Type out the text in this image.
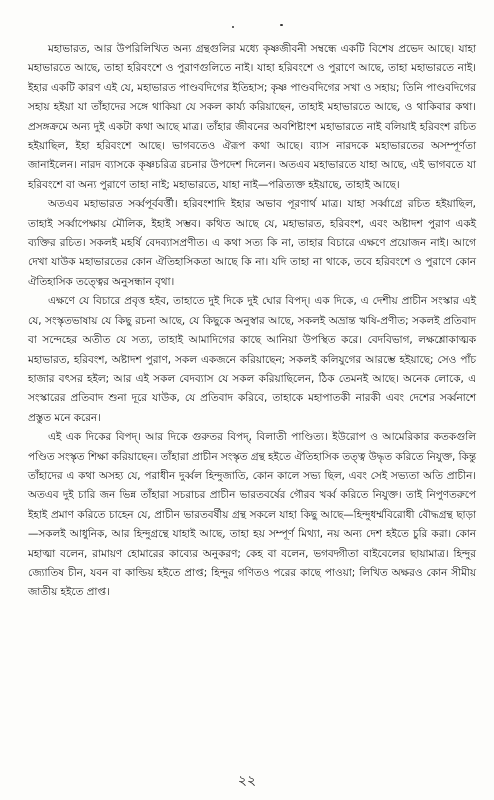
মহাভারত, আর উপরিলিখিত অন্য গ্রন্থগুলির মধ্যে কৃষ্ণজীবনী সম্বন্ধে একটি বিশেষ প্রভেদ আছে। যাহা মহাভারতে আছে, তাহা হরিবংশে ও পুরাণগুলিতে নাই। যাহা হরিবংশে ও পুরাণে আছে, তাহা মহাভারতে নাই। ইহার একটি কারণ এই যে, মহাভারত পাণ্ডবদিগের ইতিহাস; কৃষ্ণ পাণ্ডবদিগের সখা ও সহায়; তিনি পাণ্ডবদিগের সহায় হইয়া যা তাঁহাদের সঙ্গে থাকিয়া যে সকল কার্য্য করিয়াছেন, তাহাই মহাভারতে আছে, ও থাকিবার কথা। প্রসঙ্গক্রমে অন্য দুই একটা কথা আছে মাত্র। তাঁহার জীবনের অবশিষ্টাংশ মহাভারতে নাই বলিয়াই হরিবংশ রচিত হইয়াছিল, ইহা হরিবংশে আছে। ভাগবতেও ঐরূপ কথা আছে। ব্যাস নারদকে মহাভারতের অসম্পূর্ণতা জানাইলেন। নারদ ব্যাসকে কৃষ্ণচরিত্র রচনার উপদেশ দিলেন। অতএব মহাভারতে যাহা আছে, এই ভাগবতে যা হরিবংশে বা অন্য পুরাণে তাহা নাই; মহাভারতে, যাহা নাই—পরিত্যক্ত হইয়াছে, তাহাই আছে।

অতএব মহাভারত সর্ব্বপূর্ববর্ত্তী। হরিবংশাদি ইহার অভাব পূরণার্থ মাত্র। যাহা সর্ব্বাগ্রে রচিত হইয়াছিল, তাহাই সর্ব্বাপেক্ষায় মৌলিক, ইহাই সম্ভব। কথিত আছে যে, মহাভারত, হরিবংশ, এবং অষ্টাদশ পুরাণ একই ব্যক্তির রচিত। সকলই মহর্ষি বেদব্যাসপ্রণীত। এ কথা সত্য কি না, তাহার বিচারে এক্ষণে প্রয়োজন নাই। আগে দেখা যাউক মহাভারতের কোন ঐতিহাসিকতা আছে কি না। যদি তাহা না থাকে, তবে হরিবংশে ও পুরাণে কোন ঐতিহাসিক তত্ত্বের অনুসন্ধান বৃথা।

এক্ষণে যে বিচারে প্রবৃত্ত হইব, তাহাতে দুই দিকে দুই ঘোর বিপদ্। এক দিকে, এ দেশীয় প্রাচীন সংস্কার এই যে, সংস্কৃতভাষায় যে কিছু রচনা আছে, যে কিছুকে অনুস্বার আছে, সকলই অভ্রান্ত ঋষি-প্রণীত; সকলই প্রতিবাদ বা সন্দেহের অতীত যে সত্য, তাহাই আমাদিগের কাছে আনিয়া উপস্থিত করে। বেদবিভাগ, লক্ষশ্লোকাত্মক মহাভারত, হরিবংশ, অষ্টাদশ পুরাণ, সকল একজনে করিয়াছেন; সকলই কলিযুগের আরম্ভে হইয়াছে; সেও পাঁচ হাজার বৎসর হইল; আর এই সকল বেদব্যাস যে সকল করিয়াছিলেন, ঠিক তেমনই আছে। অনেক লোকে, এ সংস্কারের প্রতিবাদ শুনা দূরে যাউক, যে প্রতিবাদ করিবে, তাহাকে মহাপাতকী নারকী এবং দেশের সর্ব্বনাশে প্রস্তুত মনে করেন।

এই এক দিকের বিপদ্। আর দিকে গুরুতর বিপদ্, বিলাতী পাণ্ডিত্য। ইউরোপ ও আমেরিকার কতকগুলি পণ্ডিত সংস্কৃত শিক্ষা করিয়াছেন। তাঁহারা প্রাচীন সংস্কৃত গ্রন্থ হইতে ঐতিহাসিক তত্ত্ব উদ্ধৃত করিতে নিযুক্ত, কিন্তু তাঁহাদের এ কথা অসহ্য যে, পরাধীন দুর্ব্বল হিন্দুজাতি, কোন কালে সভ্য ছিল, এবং সেই সভ্যতা অতি প্রাচীন। অতএব দুই চারি জন ভিন্ন তাঁহারা সচরাচর প্রাচীন ভারতবর্ষের গৌরব খর্ব্ব করিতে নিযুক্ত। তাই নিপুণতরুপে ইহাই প্রমাণ করিতে চাহেন যে, প্রাচীন ভারতবর্ষীয় গ্রন্থ সকলে যাহা কিছু আছে—হিন্দুধর্ম্মবিরোধী বৌদ্ধগ্রন্থ ছাড়া—সকলই আধুনিক, আর হিন্দুগ্রন্থে যাহাই আছে, তাহা হয় সম্পূর্ণ মিথ্যা, নয় অন্য দেশ হইতে চুরি করা। কোন মহাত্মা বলেন, রামায়ণ হোমারের কাব্যের অনুকরণ; কেহ বা বলেন, ভগবদ্গীতা বাইবেলের ছায়ামাত্র। হিন্দুর জ্যোতিষ চীন, যবন বা কাল্ডিয় হইতে প্রাপ্ত; হিন্দুর গণিতও পরের কাছে পাওয়া; লিখিত অক্ষরও কোন সীমীয় জাতীয় হইতে প্রাপ্ত।

২২
